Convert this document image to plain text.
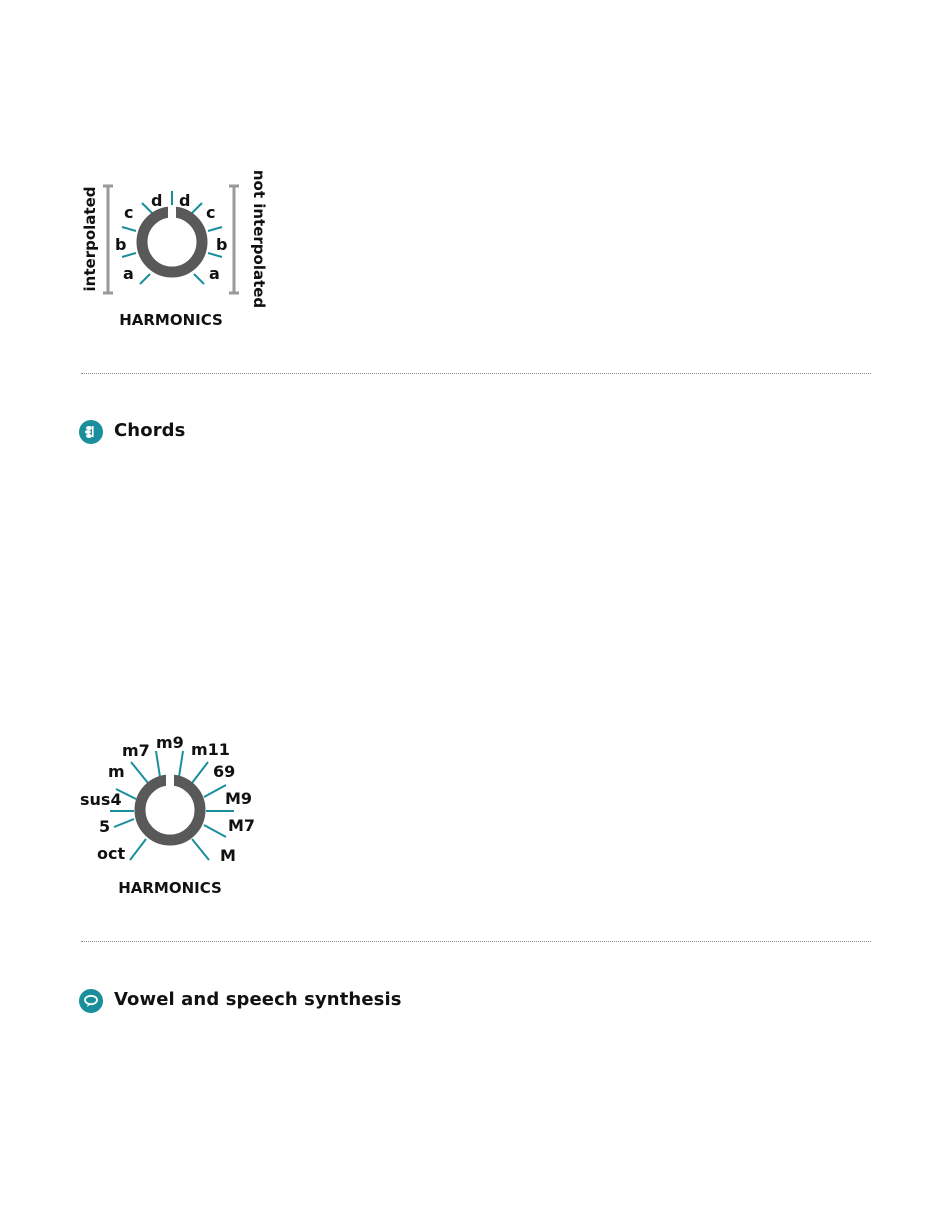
interpolated	not interpolated
d
c
b
a
d
c
b
a
HARMONICS
Chords
oct
5
sus4
m
m7 m9 m11
69
M9
M7
M
HARMONICS
Vowel and speech synthesis
